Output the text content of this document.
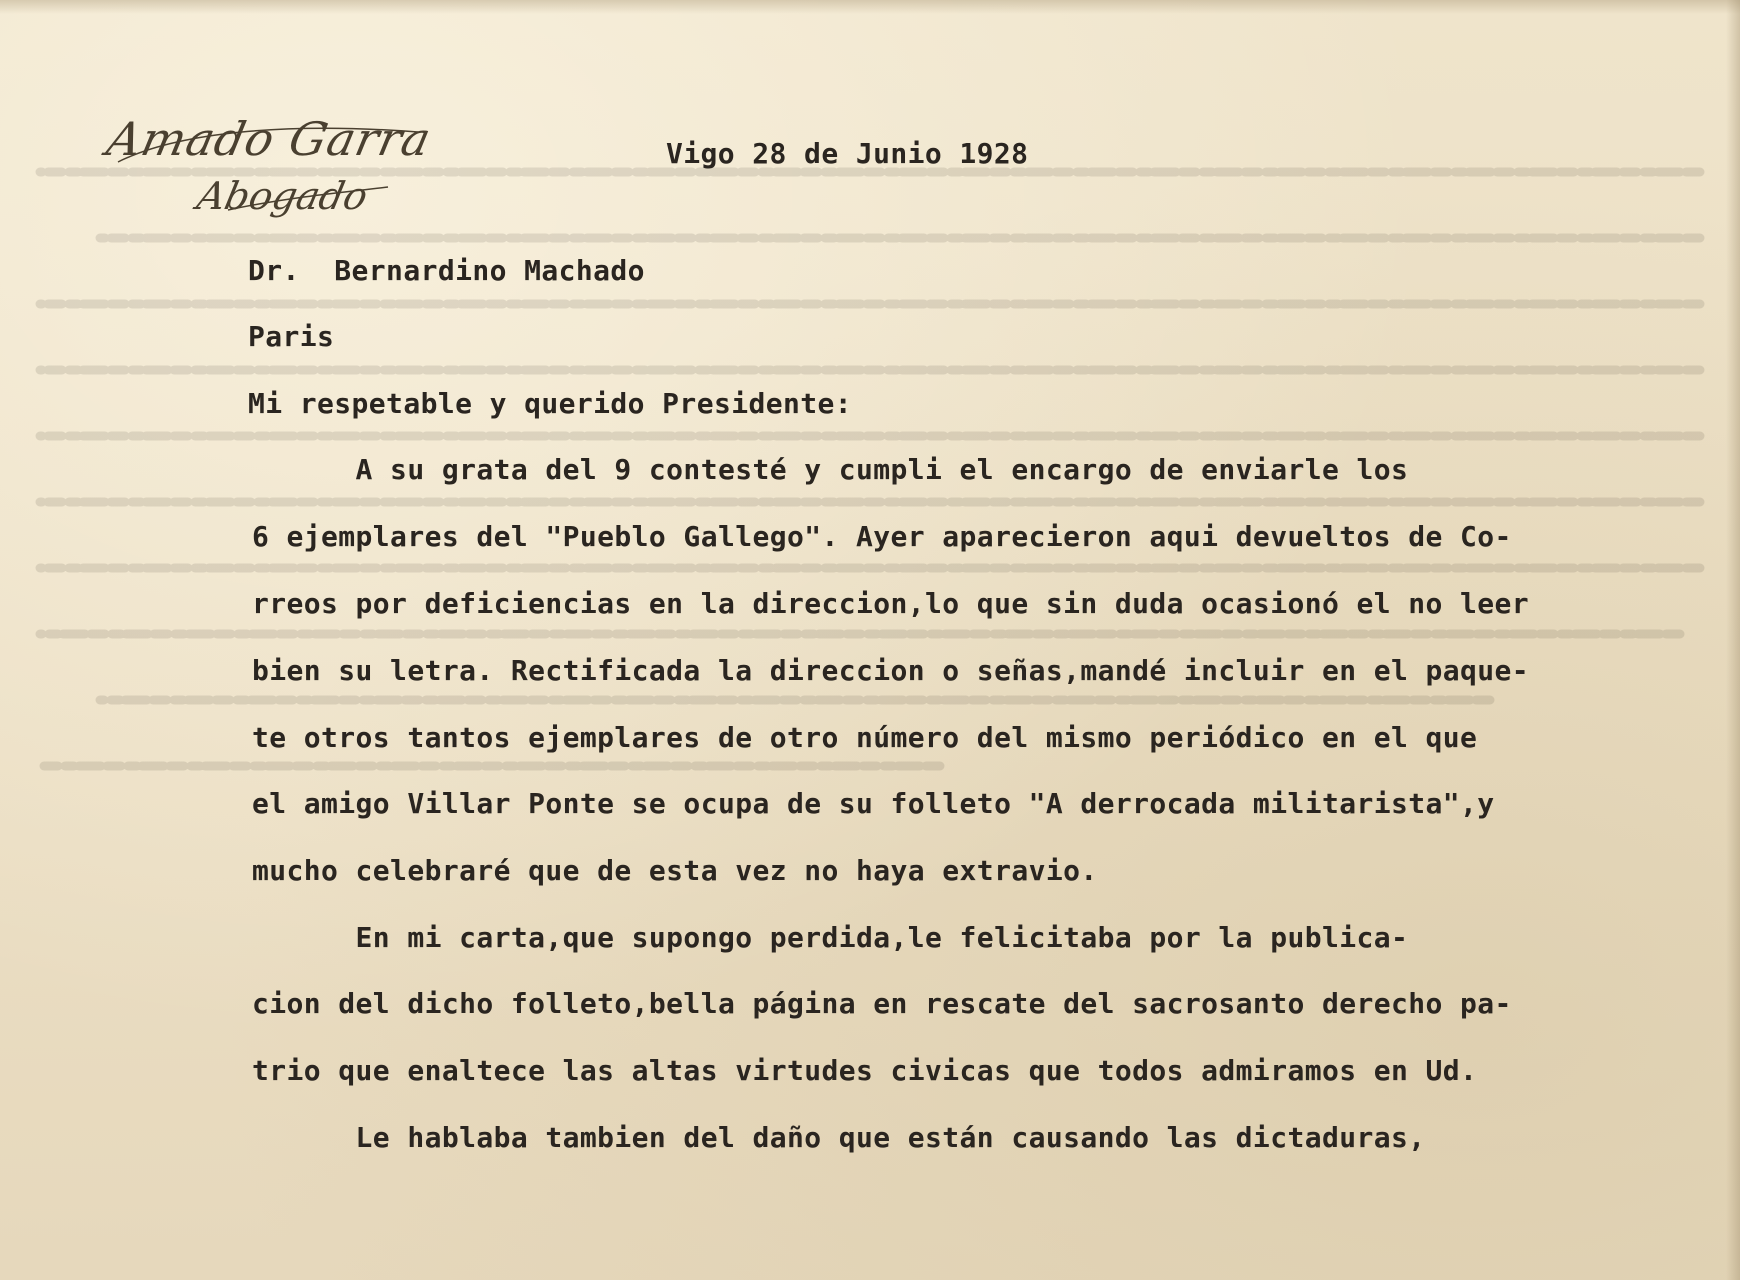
Amado Garra
Abogado
Vigo 28 de Junio 1928
Dr.  Bernardino Machado
Paris
Mi respetable y querido Presidente:
A su grata del 9 contesté y cumpli el encargo de enviarle los
6 ejemplares del "Pueblo Gallego". Ayer aparecieron aqui devueltos de Co-
rreos por deficiencias en la direccion,lo que sin duda ocasionó el no leer
bien su letra. Rectificada la direccion o señas,mandé incluir en el paque-
te otros tantos ejemplares de otro número del mismo periódico en el que
el amigo Villar Ponte se ocupa de su folleto "A derrocada militarista",y
mucho celebraré que de esta vez no haya extravio.
En mi carta,que supongo perdida,le felicitaba por la publica-
cion del dicho folleto,bella página en rescate del sacrosanto derecho pa-
trio que enaltece las altas virtudes civicas que todos admiramos en Ud.
Le hablaba tambien del daño que están causando las dictaduras,
